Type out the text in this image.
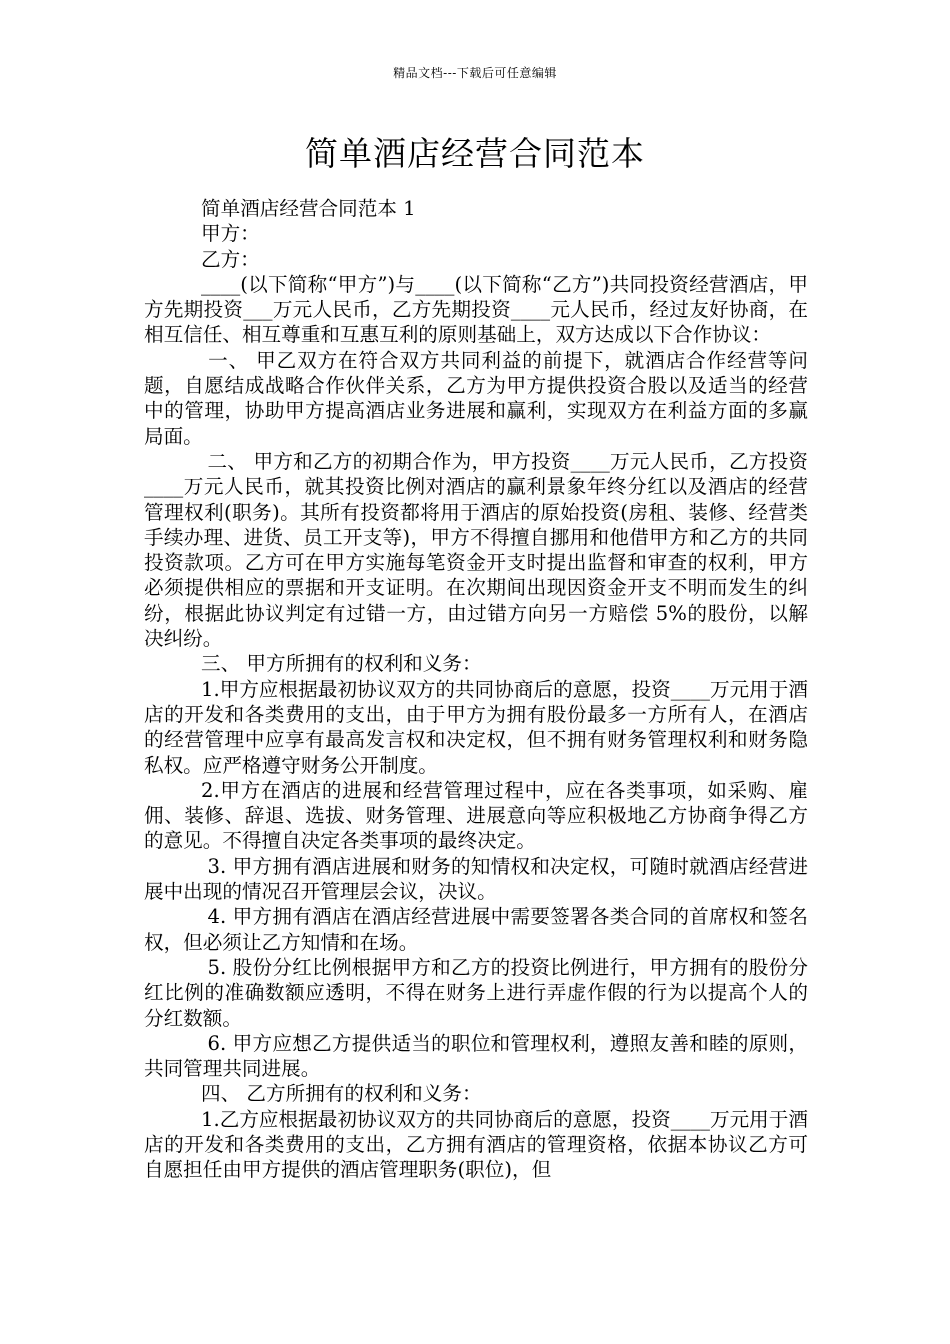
精品文档---下载后可任意编辑
简单酒店经营合同范本

简单酒店经营合同范本 1

甲方：

乙方：

____(以下简称“甲方”)与____(以下简称“乙方”)共同投资经营酒店，甲方先期投资___万元人民币，乙方先期投资____元人民币，经过友好协商，在相互信任、相互尊重和互惠互利的原则基础上，双方达成以下合作协议：

一、 甲乙双方在符合双方共同利益的前提下，就酒店合作经营等问题，自愿结成战略合作伙伴关系，乙方为甲方提供投资合股以及适当的经营中的管理，协助甲方提高酒店业务进展和赢利，实现双方在利益方面的多赢局面。

二、 甲方和乙方的初期合作为，甲方投资____万元人民币，乙方投资____万元人民币，就其投资比例对酒店的赢利景象年终分红以及酒店的经营管理权利(职务)。其所有投资都将用于酒店的原始投资(房租、装修、经营类手续办理、进货、员工开支等)，甲方不得擅自挪用和他借甲方和乙方的共同投资款项。乙方可在甲方实施每笔资金开支时提出监督和审查的权利，甲方必须提供相应的票据和开支证明。在次期间出现因资金开支不明而发生的纠纷，根据此协议判定有过错一方，由过错方向另一方赔偿 5%的股份，以解决纠纷。

三、 甲方所拥有的权利和义务：

1.甲方应根据最初协议双方的共同协商后的意愿，投资____万元用于酒店的开发和各类费用的支出，由于甲方为拥有股份最多一方所有人，在酒店的经营管理中应享有最高发言权和决定权，但不拥有财务管理权利和财务隐私权。应严格遵守财务公开制度。

2.甲方在酒店的进展和经营管理过程中，应在各类事项，如采购、雇佣、装修、辞退、选拔、财务管理、进展意向等应积极地乙方协商争得乙方的意见。不得擅自决定各类事项的最终决定。

3. 甲方拥有酒店进展和财务的知情权和决定权，可随时就酒店经营进展中出现的情况召开管理层会议，决议。

4. 甲方拥有酒店在酒店经营进展中需要签署各类合同的首席权和签名权，但必须让乙方知情和在场。

5. 股份分红比例根据甲方和乙方的投资比例进行，甲方拥有的股份分红比例的准确数额应透明，不得在财务上进行弄虚作假的行为以提高个人的分红数额。

6. 甲方应想乙方提供适当的职位和管理权利，遵照友善和睦的原则，共同管理共同进展。

四、 乙方所拥有的权利和义务：

1.乙方应根据最初协议双方的共同协商后的意愿，投资____万元用于酒店的开发和各类费用的支出，乙方拥有酒店的管理资格，依据本协议乙方可自愿担任由甲方提供的酒店管理职务(职位)，但
